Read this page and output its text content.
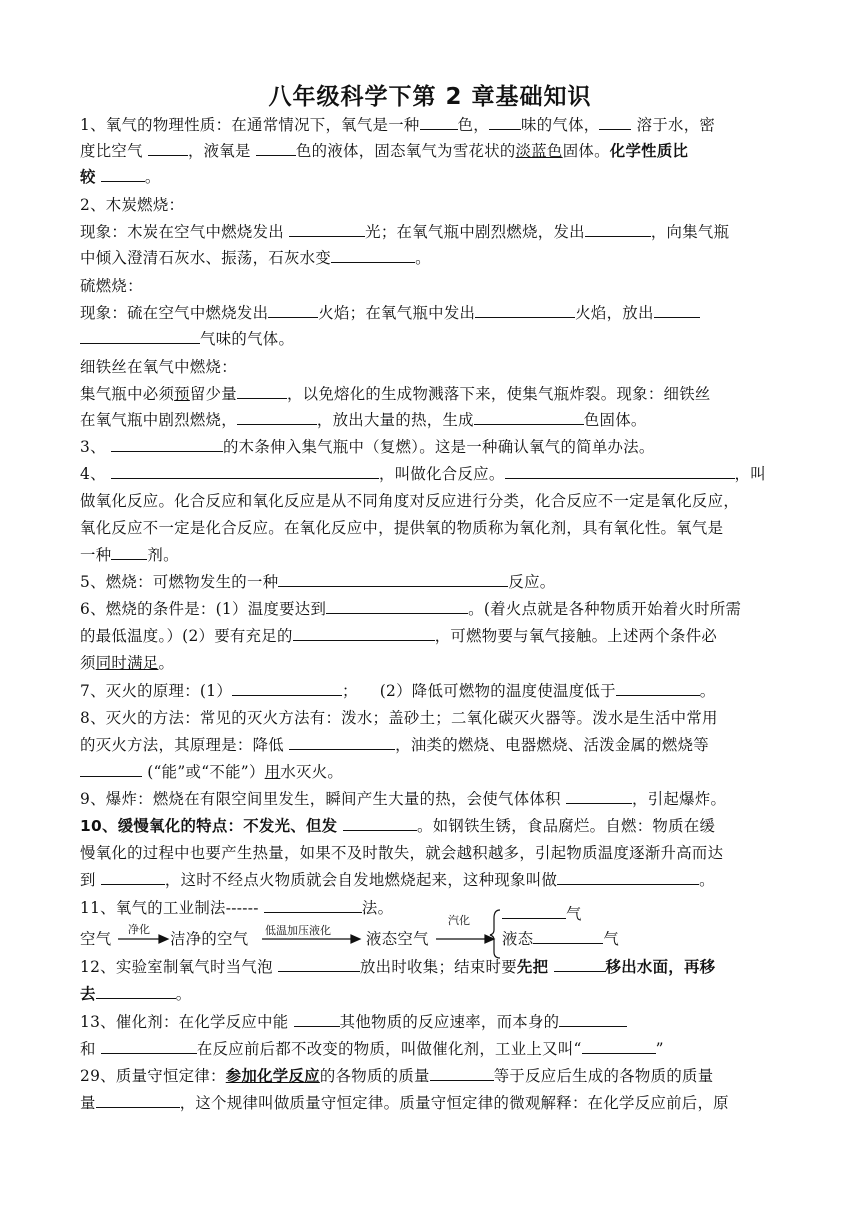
八年级科学下第 2 章基础知识
1、氧气的物理性质：在通常情况下，氧气是一种 色， 味的气体， 溶于水，密
度比空气	，液氧是	色的液体，固态氧气为雪花状的淡蓝色固体。化学性质比
较	。
2、木炭燃烧：
现象：木炭在空气中燃烧发出	光；在氧气瓶中剧烈燃烧，发出	，向集气瓶
中倾入澄清石灰水、振荡，石灰水变	。
硫燃烧：
现象：硫在空气中燃烧发出	火焰；在氧气瓶中发出	火焰，放出
气味的气体。
细铁丝在氧气中燃烧：
集气瓶中必须预留少量	，以免熔化的生成物溅落下来，使集气瓶炸裂。现象：细铁丝
在氧气瓶中剧烈燃烧，	，放出大量的热，生成	色固体。
3、	的木条伸入集气瓶中（复燃）。这是一种确认氧气的简单办法。
4、	，叫做化合反应。	，叫
做氧化反应。化合反应和氧化反应是从不同角度对反应进行分类，化合反应不一定是氧化反应，
氧化反应不一定是化合反应。在氧化反应中，提供氧的物质称为氧化剂，具有氧化性。氧气是
一种 剂。
5、燃烧：可燃物发生的一种	反应。
6、燃烧的条件是：(1）温度要达到	。(着火点就是各种物质开始着火时所需
的最低温度。）(2）要有充足的	，可燃物要与氧气接触。上述两个条件必
须同时满足。
7、灭火的原理：(1）	； (2）降低可燃物的温度使温度低于	。
8、灭火的方法：常见的灭火方法有：泼水；盖砂土；二氧化碳灭火器等。泼水是生活中常用
的灭火方法，其原理是：降低	，油类的燃烧、电器燃烧、活泼金属的燃烧等
(“能”或“不能”）用水灭火。
9、爆炸：燃烧在有限空间里发生，瞬间产生大量的热，会使气体体积	，引起爆炸。
10、缓慢氧化的特点：不发光、但发	。如钢铁生锈，食品腐烂。自燃：物质在缓
慢氧化的过程中也要产生热量，如果不及时散失，就会越积越多，引起物质温度逐渐升高而达
到	，这时不经点火物质就会自发地燃烧起来，这种现象叫做	。
11、氧气的工业制法------	法。
空气
净化
洁净的空气 低温加压液化 液态空气
汽化	气
液态	气
12、实验室制氧气时当气泡	放出时收集；结束时要先把	移出水面，再移
去	。
13、催化剂：在化学反应中能	其他物质的反应速率，而本身的
和	在反应前后都不改变的物质，叫做催化剂，工业上又叫“	”
29、质量守恒定律：参加化学反应的各物质的质量	等于反应后生成的各物质的质量
量	，这个规律叫做质量守恒定律。质量守恒定律的微观解释：在化学反应前后，原
